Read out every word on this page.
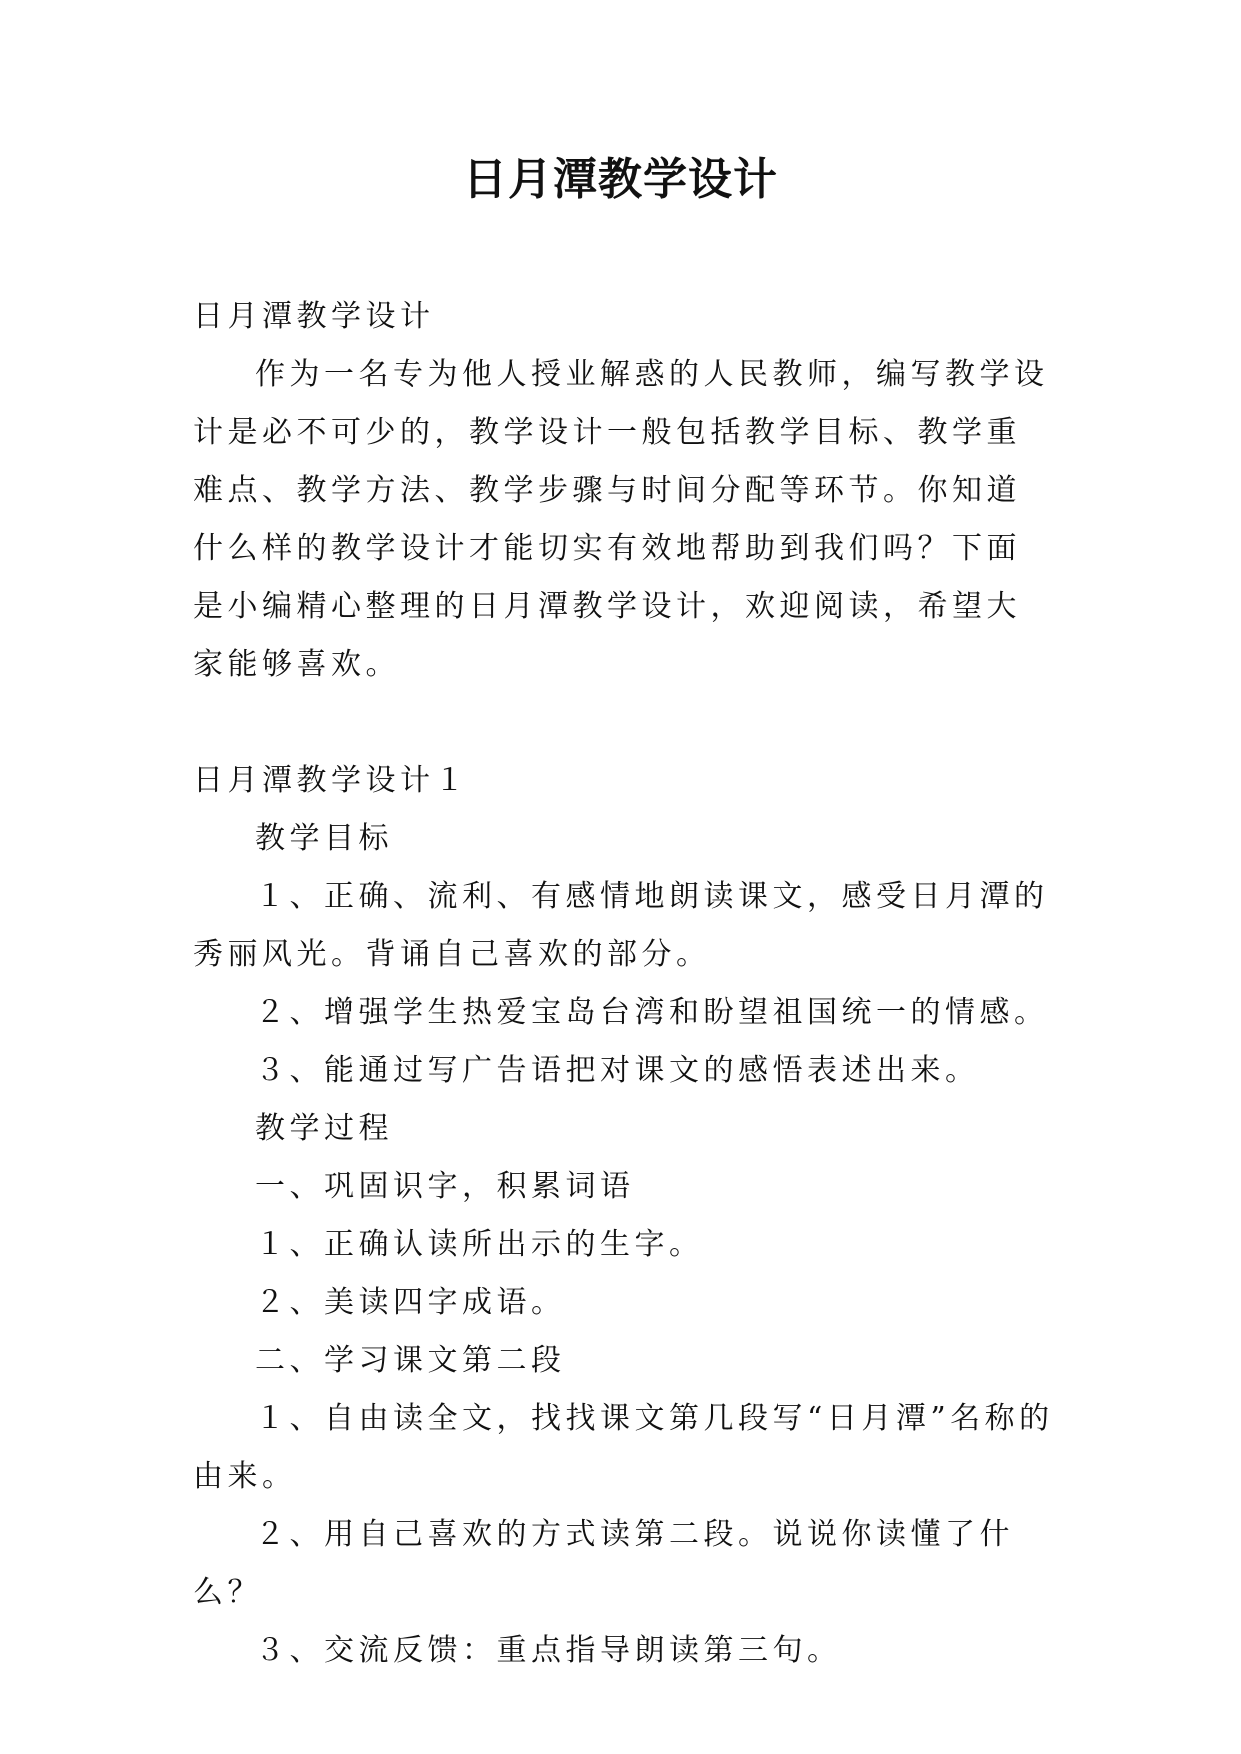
日月潭教学设计

日月潭教学设计

作为一名专为他人授业解惑的人民教师，编写教学设计是必不可少的，教学设计一般包括教学目标、教学重难点、教学方法、教学步骤与时间分配等环节。你知道什么样的教学设计才能切实有效地帮助到我们吗？下面是小编精心整理的日月潭教学设计，欢迎阅读，希望大家能够喜欢。

日月潭教学设计１

教学目标

１、正确、流利、有感情地朗读课文，感受日月潭的秀丽风光。背诵自己喜欢的部分。

２、增强学生热爱宝岛台湾和盼望祖国统一的情感。

３、能通过写广告语把对课文的感悟表述出来。

教学过程

一、巩固识字，积累词语

１、正确认读所出示的生字。

２、美读四字成语。

二、学习课文第二段

１、自由读全文，找找课文第几段写“日月潭”名称的由来。

２、用自己喜欢的方式读第二段。说说你读懂了什么？

３、交流反馈：重点指导朗读第三句。
